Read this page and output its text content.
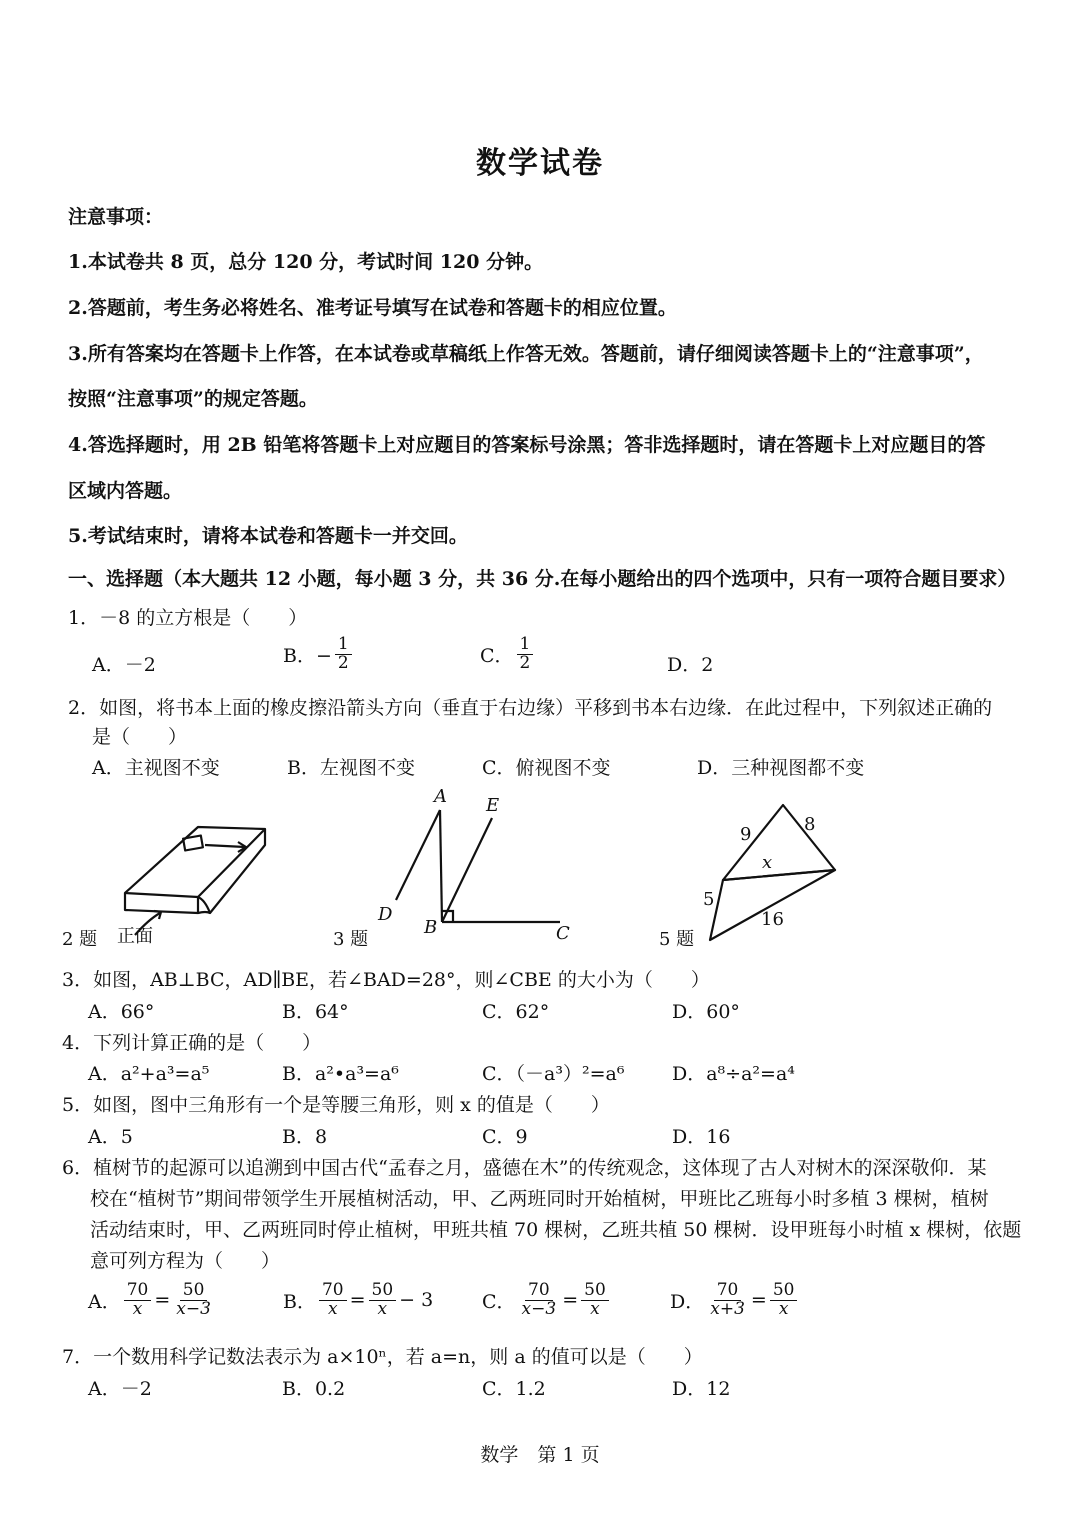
数学试卷
注意事项：
1.本试卷共 8 页，总分 120 分，考试时间 120 分钟。
2.答题前，考生务必将姓名、准考证号填写在试卷和答题卡的相应位置。
3.所有答案均在答题卡上作答，在本试卷或草稿纸上作答无效。答题前，请仔细阅读答题卡上的“注意事项”，
按照“注意事项”的规定答题。
4.答选择题时，用 2B 铅笔将答题卡上对应题目的答案标号涂黑；答非选择题时，请在答题卡上对应题目的答
区域内答题。
5.考试结束时，请将本试卷和答题卡一并交回。
一、选择题（本大题共 12 小题，每小题 3 分，共 36 分.在每小题给出的四个选项中，只有一项符合题目要求）
1．－8 的立方根是（　　）
A．－2	B．− $\frac{1}{2}$	C． $\frac{1}{2}$	D．2
2．如图，将书本上面的橡皮擦沿箭头方向（垂直于右边缘）平移到书本右边缘．在此过程中，下列叙述正确的
是（　　）
A．主视图不变	B．左视图不变	C．俯视图不变	D．三种视图都不变
2 题 正面
A E
D
B	C
3 题
9	8
x
5
16
5 题
3．如图，AB⊥BC，AD∥BE，若∠BAD=28°，则∠CBE 的大小为（　　）
A．66°	B．64°	C．62°	D．60°
4．下列计算正确的是（　　）
A．a²+a³=a⁵	B．a²•a³=a⁶	C．（－a³）²=a⁶	D．a⁸÷a²=a⁴
5．如图，图中三角形有一个是等腰三角形，则 x 的值是（　　）
A．5	B．8	C．9	D．16
6．植树节的起源可以追溯到中国古代“孟春之月，盛德在木”的传统观念，这体现了古人对树木的深深敬仰．某
校在“植树节”期间带领学生开展植树活动，甲、乙两班同时开始植树，甲班比乙班每小时多植 3 棵树，植树
活动结束时，甲、乙两班同时停止植树，甲班共植 70 棵树，乙班共植 50 棵树．设甲班每小时植 x 棵树，依题
意可列方程为（　　）
A． $\frac{70}{x} = \frac{50}{x-3}$	B． $\frac{70}{x} = \frac{50}{x} - 3$	C． $\frac{70}{x-3} = \frac{50}{x}$	D． $\frac{70}{x+3} = \frac{50}{x}$
7．一个数用科学记数法表示为 a×10ⁿ，若 a=n，则 a 的值可以是（　　）
A．－2	B．0.2	C．1.2	D．12
数学　第 1 页
